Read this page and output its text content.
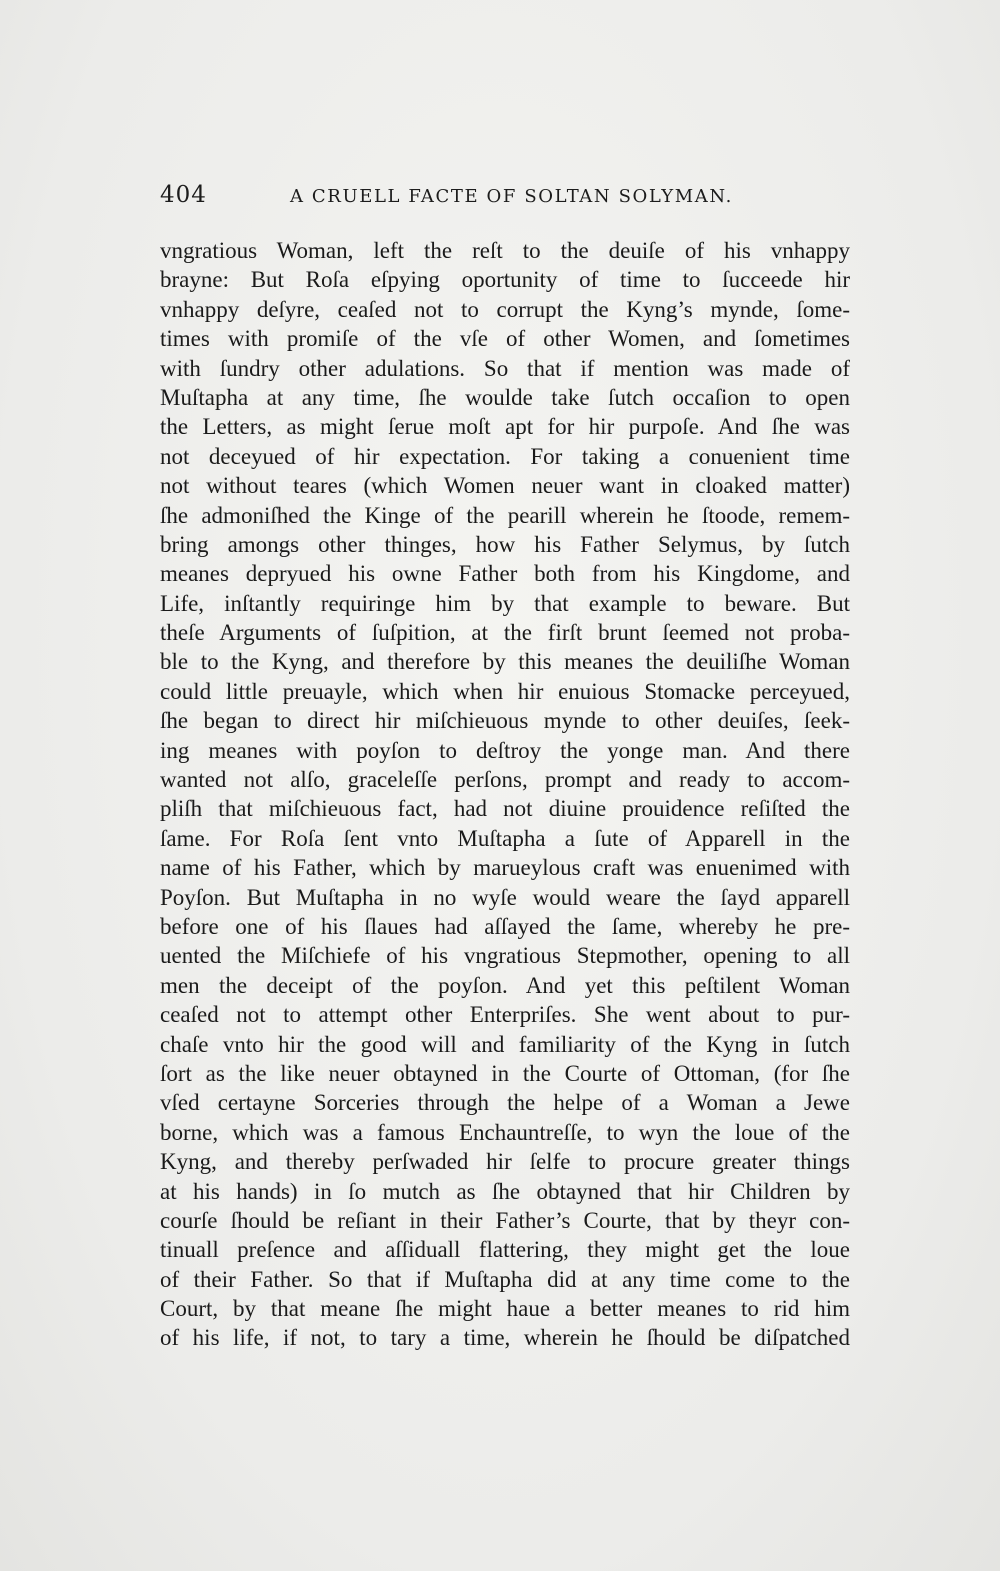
404	A CRUELL FACTE OF SOLTAN SOLYMAN.
vngratious Woman, left the reſt to the deuiſe of his vnhappy
brayne: But Roſa eſpying oportunity of time to ſucceede hir
vnhappy deſyre, ceaſed not to corrupt the Kyng’s mynde, ſome-
times with promiſe of the vſe of other Women, and ſometimes
with ſundry other adulations. So that if mention was made of
Muſtapha at any time, ſhe woulde take ſutch occaſion to open
the Letters, as might ſerue moſt apt for hir purpoſe. And ſhe was
not deceyued of hir expectation. For taking a conuenient time
not without teares (which Women neuer want in cloaked matter)
ſhe admoniſhed the Kinge of the pearill wherein he ſtoode, remem-
bring amongs other thinges, how his Father Selymus, by ſutch
meanes depryued his owne Father both from his Kingdome, and
Life, inſtantly requiringe him by that example to beware. But
theſe Arguments of ſuſpition, at the firſt brunt ſeemed not proba-
ble to the Kyng, and therefore by this meanes the deuiliſhe Woman
could little preuayle, which when hir enuious Stomacke perceyued,
ſhe began to direct hir miſchieuous mynde to other deuiſes, ſeek-
ing meanes with poyſon to deſtroy the yonge man. And there
wanted not alſo, graceleſſe perſons, prompt and ready to accom-
pliſh that miſchieuous fact, had not diuine prouidence reſiſted the
ſame. For Roſa ſent vnto Muſtapha a ſute of Apparell in the
name of his Father, which by marueylous craft was enuenimed with
Poyſon. But Muſtapha in no wyſe would weare the ſayd apparell
before one of his ſlaues had aſſayed the ſame, whereby he pre-
uented the Miſchiefe of his vngratious Stepmother, opening to all
men the deceipt of the poyſon. And yet this peſtilent Woman
ceaſed not to attempt other Enterpriſes. She went about to pur-
chaſe vnto hir the good will and familiarity of the Kyng in ſutch
ſort as the like neuer obtayned in the Courte of Ottoman, (for ſhe
vſed certayne Sorceries through the helpe of a Woman a Jewe
borne, which was a famous Enchauntreſſe, to wyn the loue of the
Kyng, and thereby perſwaded hir ſelfe to procure greater things
at his hands) in ſo mutch as ſhe obtayned that hir Children by
courſe ſhould be reſiant in their Father’s Courte, that by theyr con-
tinuall preſence and aſſiduall flattering, they might get the loue
of their Father. So that if Muſtapha did at any time come to the
Court, by that meane ſhe might haue a better meanes to rid him
of his life, if not, to tary a time, wherein he ſhould be diſpatched
